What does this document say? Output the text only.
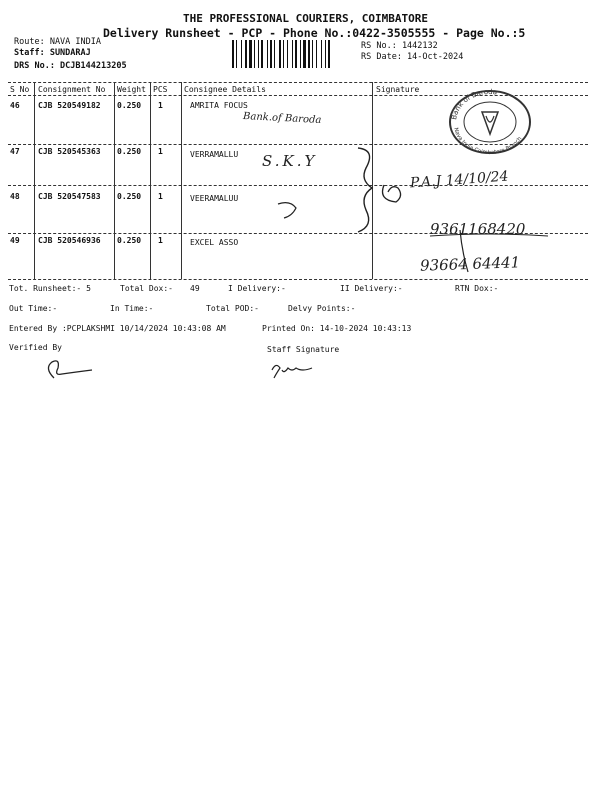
THE PROFESSIONAL COURIERS, COIMBATORE
Delivery Runsheet - PCP - Phone No.:0422-3505555 - Page No.:5
Route: NAVA INDIA
Staff: SUNDARAJ
DRS No.: DCJB144213205
RS No.: 1442132
RS Date: 14-Oct-2024
S No Consignment No Weight PCS Consignee Details	Signature
46 CJB 520549182 0.250 1	AMRITA FOCUS
47 CJB 520545363 0.250 1	VERRAMALLU
48 CJB 520547583 0.250 1	VEERAMALUU
49 CJB 520546936 0.250 1	EXCEL ASSO
Bank.of Baroda
S.K.Y
P.A.J 14/10/24
9361168420
93664 64441
Bank of Baroda
Nava India Coimbatore Branch
Tot. Runsheet:- 5	Total Dox:- 49	I Delivery:-	II Delivery:-	RTN Dox:-
Out Time:-	In Time:-	Total POD:-	Delvy Points:-
Entered By :PCPLAKSHMI 10/14/2024 10:43:08 AM	Printed On: 14-10-2024 10:43:13
Verified By	Staff Signature
